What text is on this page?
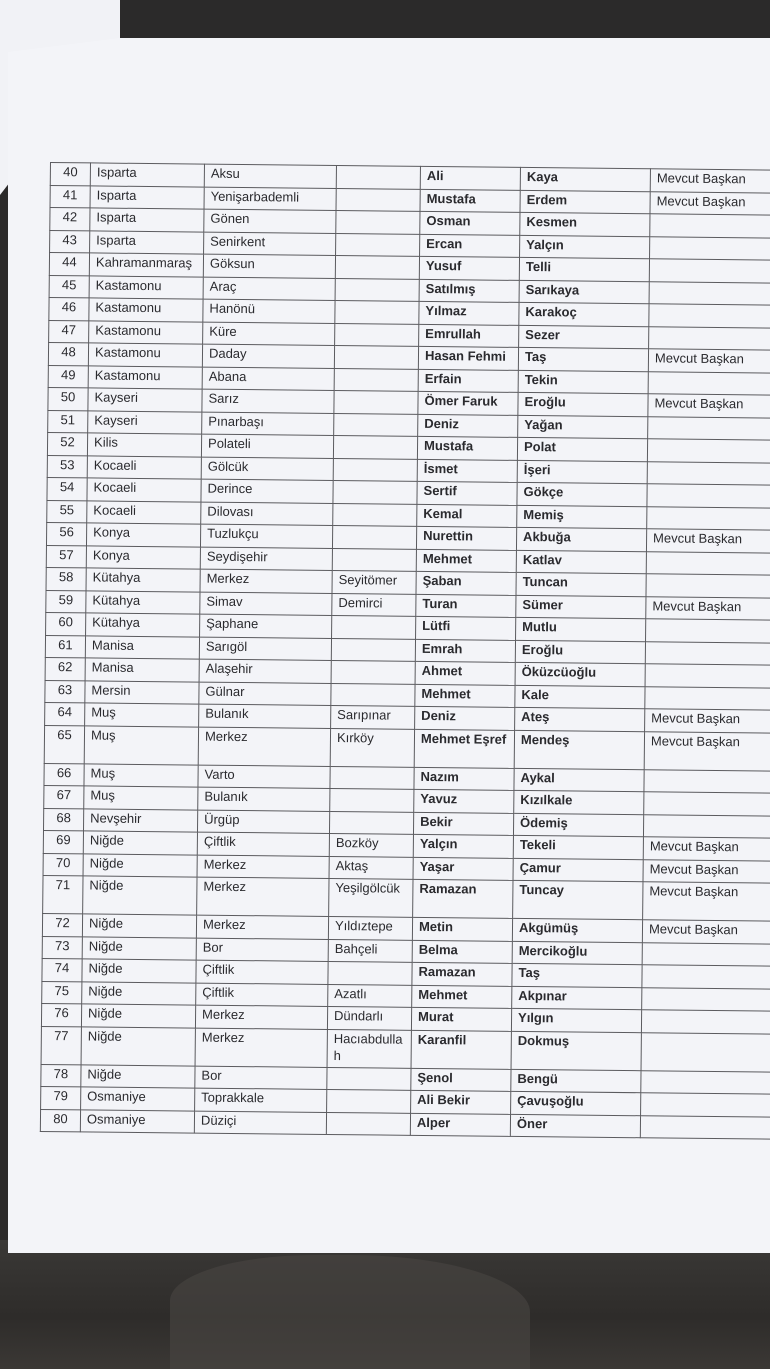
40	Isparta	Aksu		Ali	Kaya	Mevcut Başkan
41	Isparta	Yenişarbademli		Mustafa	Erdem	Mevcut Başkan
42	Isparta	Gönen		Osman	Kesmen	
43	Isparta	Senirkent		Ercan	Yalçın	
44	Kahramanmaraş	Göksun		Yusuf	Telli	
45	Kastamonu	Araç		Satılmış	Sarıkaya	
46	Kastamonu	Hanönü		Yılmaz	Karakoç	
47	Kastamonu	Küre		Emrullah	Sezer	
48	Kastamonu	Daday		Hasan Fehmi	Taş	Mevcut Başkan
49	Kastamonu	Abana		Erfain	Tekin	
50	Kayseri	Sarız		Ömer Faruk	Eroğlu	Mevcut Başkan
51	Kayseri	Pınarbaşı		Deniz	Yağan	
52	Kilis	Polateli		Mustafa	Polat	
53	Kocaeli	Gölcük		İsmet	İşeri	
54	Kocaeli	Derince		Sertif	Gökçe	
55	Kocaeli	Dilovası		Kemal	Memiş	
56	Konya	Tuzlukçu		Nurettin	Akbuğa	Mevcut Başkan
57	Konya	Seydişehir		Mehmet	Katlav	
58	Kütahya	Merkez	Seyitömer	Şaban	Tuncan	
59	Kütahya	Simav	Demirci	Turan	Sümer	Mevcut Başkan
60	Kütahya	Şaphane		Lütfi	Mutlu	
61	Manisa	Sarıgöl		Emrah	Eroğlu	
62	Manisa	Alaşehir		Ahmet	Öküzcüoğlu	
63	Mersin	Gülnar		Mehmet	Kale	
64	Muş	Bulanık	Sarıpınar	Deniz	Ateş	Mevcut Başkan
65	Muş	Merkez	Kırköy	Mehmet Eşref	Mendeş	Mevcut Başkan
66	Muş	Varto		Nazım	Aykal	
67	Muş	Bulanık		Yavuz	Kızılkale	
68	Nevşehir	Ürgüp		Bekir	Ödemiş	
69	Niğde	Çiftlik	Bozköy	Yalçın	Tekeli	Mevcut Başkan
70	Niğde	Merkez	Aktaş	Yaşar	Çamur	Mevcut Başkan
71	Niğde	Merkez	Yeşilgölcük	Ramazan	Tuncay	Mevcut Başkan
72	Niğde	Merkez	Yıldıztepe	Metin	Akgümüş	Mevcut Başkan
73	Niğde	Bor	Bahçeli	Belma	Mercikoğlu	
74	Niğde	Çiftlik		Ramazan	Taş	
75	Niğde	Çiftlik	Azatlı	Mehmet	Akpınar	
76	Niğde	Merkez	Dündarlı	Murat	Yılgın	
77	Niğde	Merkez	Hacıabdullah	Karanfil	Dokmuş	
78	Niğde	Bor		Şenol	Bengü	
79	Osmaniye	Toprakkale		Ali Bekir	Çavuşoğlu	
80	Osmaniye	Düziçi		Alper	Öner	
